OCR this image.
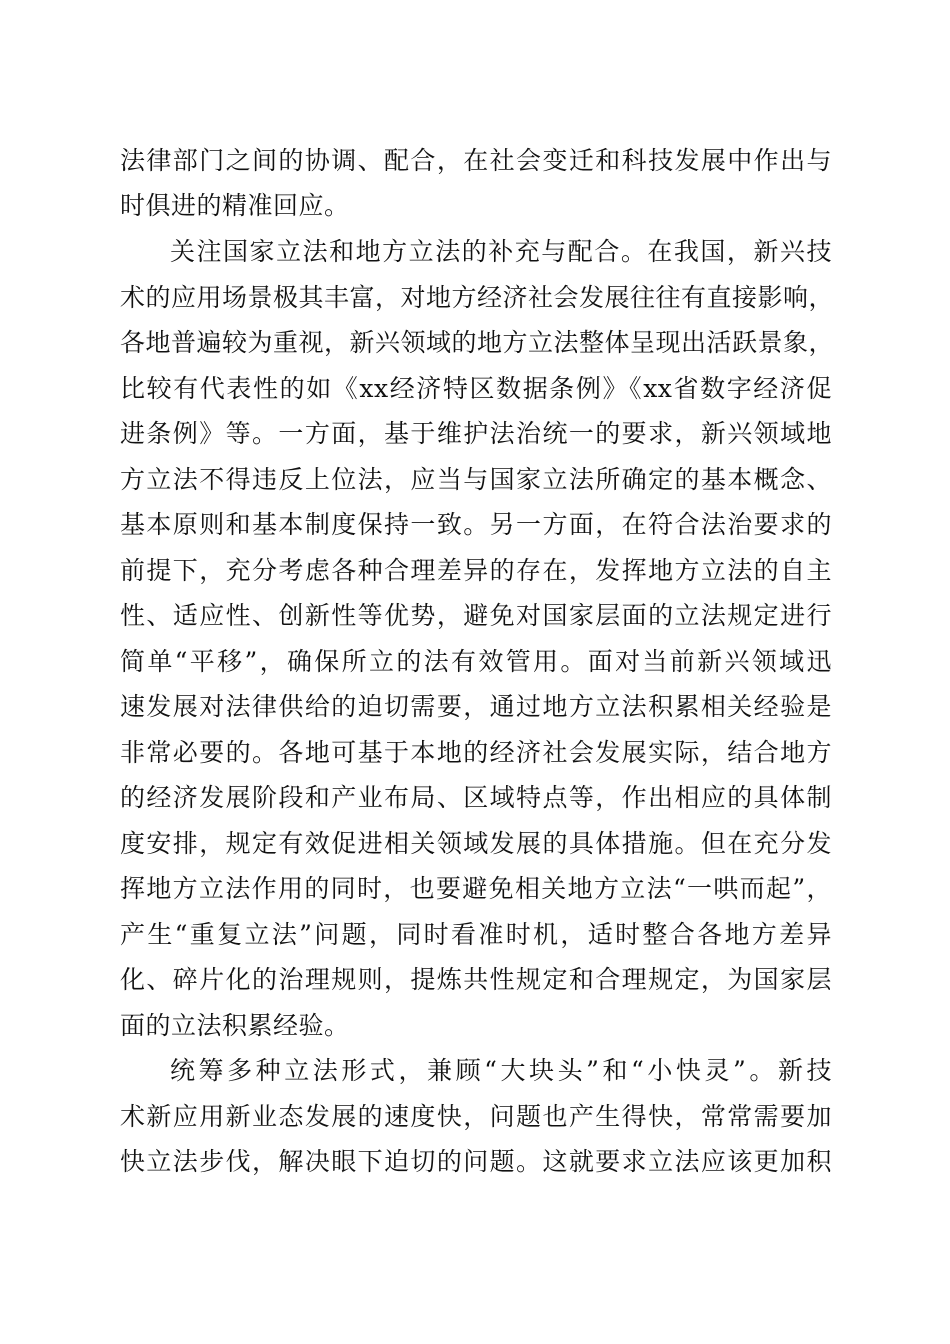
法律部门之间的协调、配合，在社会变迁和科技发展中作出与
时俱进的精准回应。
关注国家立法和地方立法的补充与配合。在我国，新兴技
术的应用场景极其丰富，对地方经济社会发展往往有直接影响，
各地普遍较为重视，新兴领域的地方立法整体呈现出活跃景象，
比较有代表性的如《xx经济特区数据条例》《xx省数字经济促
进条例》等。一方面，基于维护法治统一的要求，新兴领域地
方立法不得违反上位法，应当与国家立法所确定的基本概念、
基本原则和基本制度保持一致。另一方面，在符合法治要求的
前提下，充分考虑各种合理差异的存在，发挥地方立法的自主
性、适应性、创新性等优势，避免对国家层面的立法规定进行
简单“平移”，确保所立的法有效管用。面对当前新兴领域迅
速发展对法律供给的迫切需要，通过地方立法积累相关经验是
非常必要的。各地可基于本地的经济社会发展实际，结合地方
的经济发展阶段和产业布局、区域特点等，作出相应的具体制
度安排，规定有效促进相关领域发展的具体措施。但在充分发
挥地方立法作用的同时，也要避免相关地方立法“一哄而起”，
产生“重复立法”问题，同时看准时机，适时整合各地方差异
化、碎片化的治理规则，提炼共性规定和合理规定，为国家层
面的立法积累经验。
统筹多种立法形式，兼顾“大块头”和“小快灵”。新技
术新应用新业态发展的速度快，问题也产生得快，常常需要加
快立法步伐，解决眼下迫切的问题。这就要求立法应该更加积
